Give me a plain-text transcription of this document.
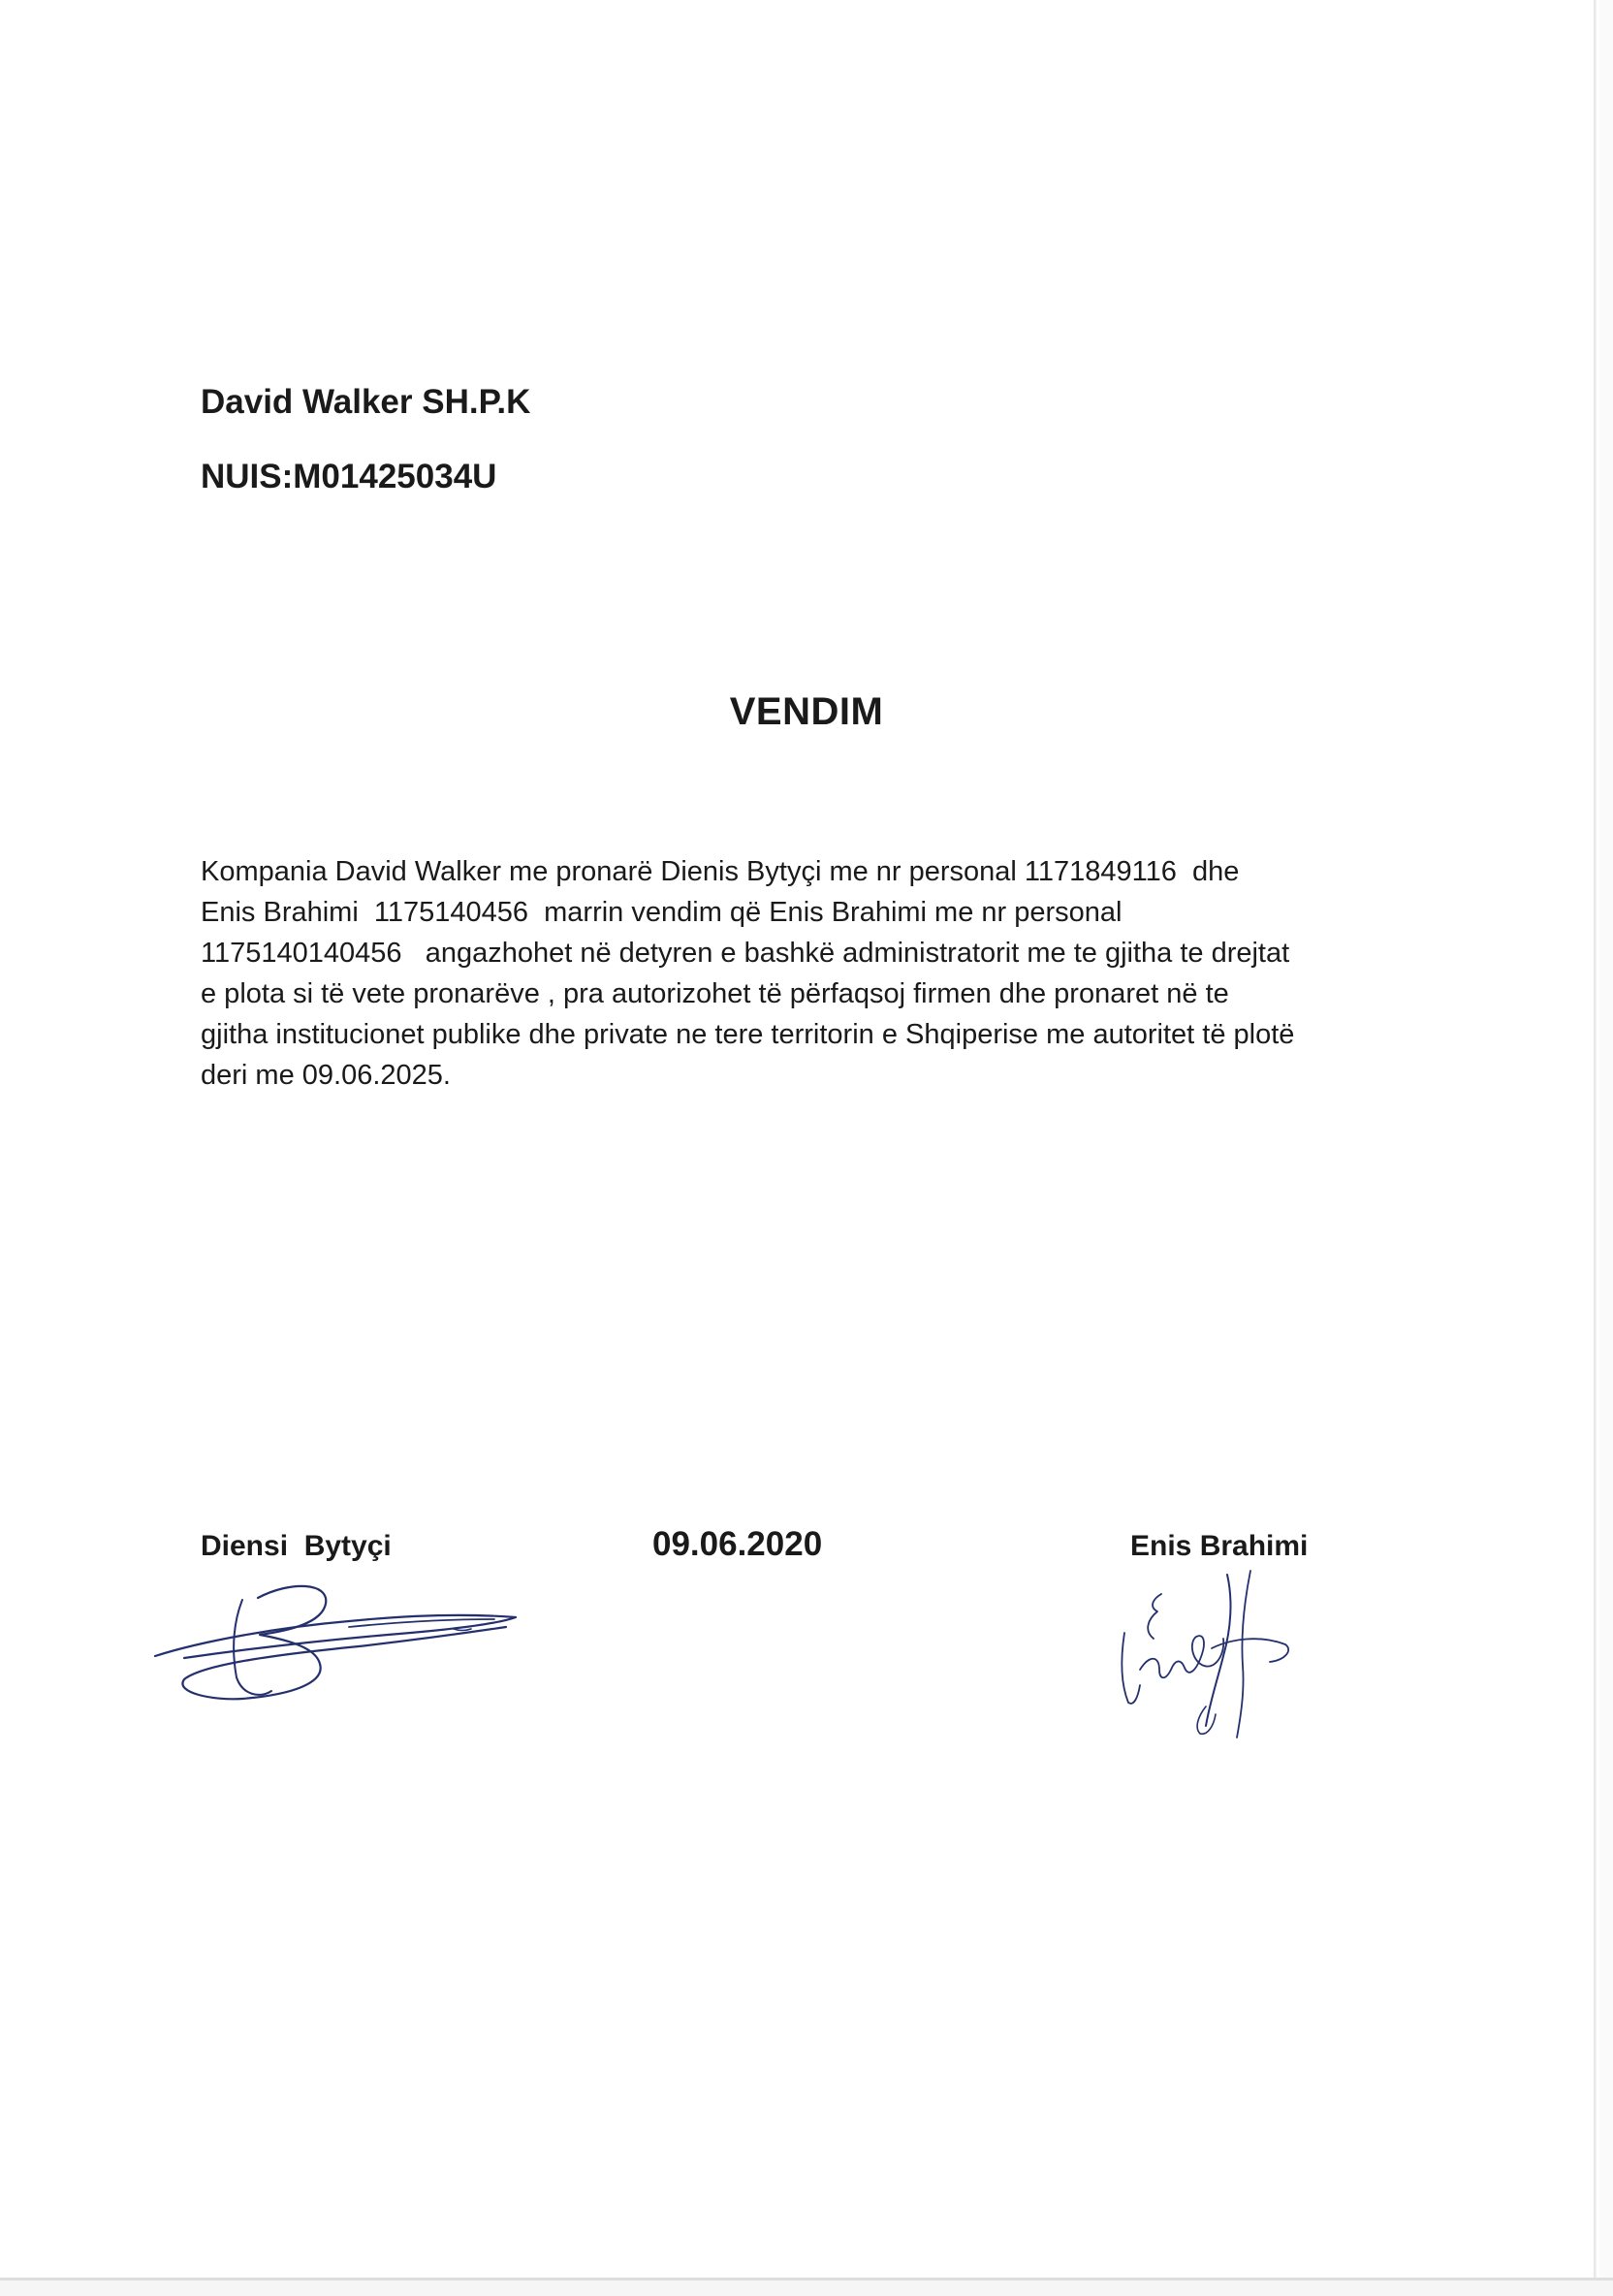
David Walker SH.P.K
NUIS:M01425034U
VENDIM
Kompania David Walker me pronarë Dienis Bytyçi me nr personal 1171849116  dhe
Enis Brahimi  1175140456  marrin vendim që Enis Brahimi me nr personal
1175140140456   angazhohet në detyren e bashkë administratorit me te gjitha te drejtat
e plota si të vete pronarëve , pra autorizohet të përfaqsoj firmen dhe pronaret në te
gjitha institucionet publike dhe private ne tere territorin e Shqiperise me autoritet të plotë
deri me 09.06.2025.
Diensi  Bytyçi	09.06.2020	Enis Brahimi
